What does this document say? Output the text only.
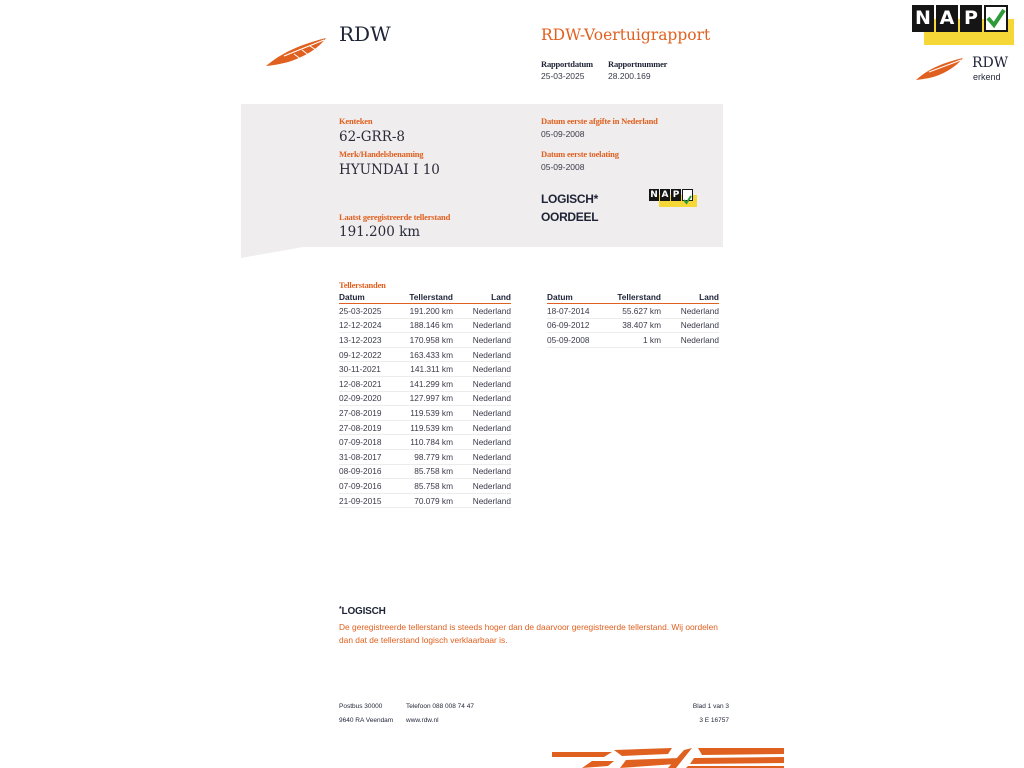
RDW	RDW-Voertuigrapport
Rapportdatum
25-03-2025
Rapportnummer
28.200.169
Kenteken
62-GRR-8
Merk/Handelsbenaming
HYUNDAI I 10
Laatst geregistreerde tellerstand
191.200 km
Datum eerste afgifte in Nederland
05-09-2008
Datum eerste toelating
05-09-2008
LOGISCH*
OORDEEL
N A P
N A P
RDW
erkend
Tellerstanden
Datum	Tellerstand	Land
25-03-2025	191.200 km	Nederland
12-12-2024	188.146 km	Nederland
13-12-2023	170.958 km	Nederland
09-12-2022	163.433 km	Nederland
30-11-2021	141.311 km	Nederland
12-08-2021	141.299 km	Nederland
02-09-2020	127.997 km	Nederland
27-08-2019	119.539 km	Nederland
27-08-2019	119.539 km	Nederland
07-09-2018	110.784 km	Nederland
31-08-2017	98.779 km	Nederland
08-09-2016	85.758 km	Nederland
07-09-2016	85.758 km	Nederland
21-09-2015	70.079 km	Nederland
Datum	Tellerstand	Land
18-07-2014	55.627 km	Nederland
06-09-2012	38.407 km	Nederland
05-09-2008	1 km	Nederland
*LOGISCH
De geregistreerde tellerstand is steeds hoger dan de daarvoor geregistreerde tellerstand. Wij oordelen dan dat de tellerstand logisch verklaarbaar is.
Postbus 30000
9640 RA Veendam
Telefoon 088 008 74 47
www.rdw.nl
Blad 1 van 3
3 E 16757
